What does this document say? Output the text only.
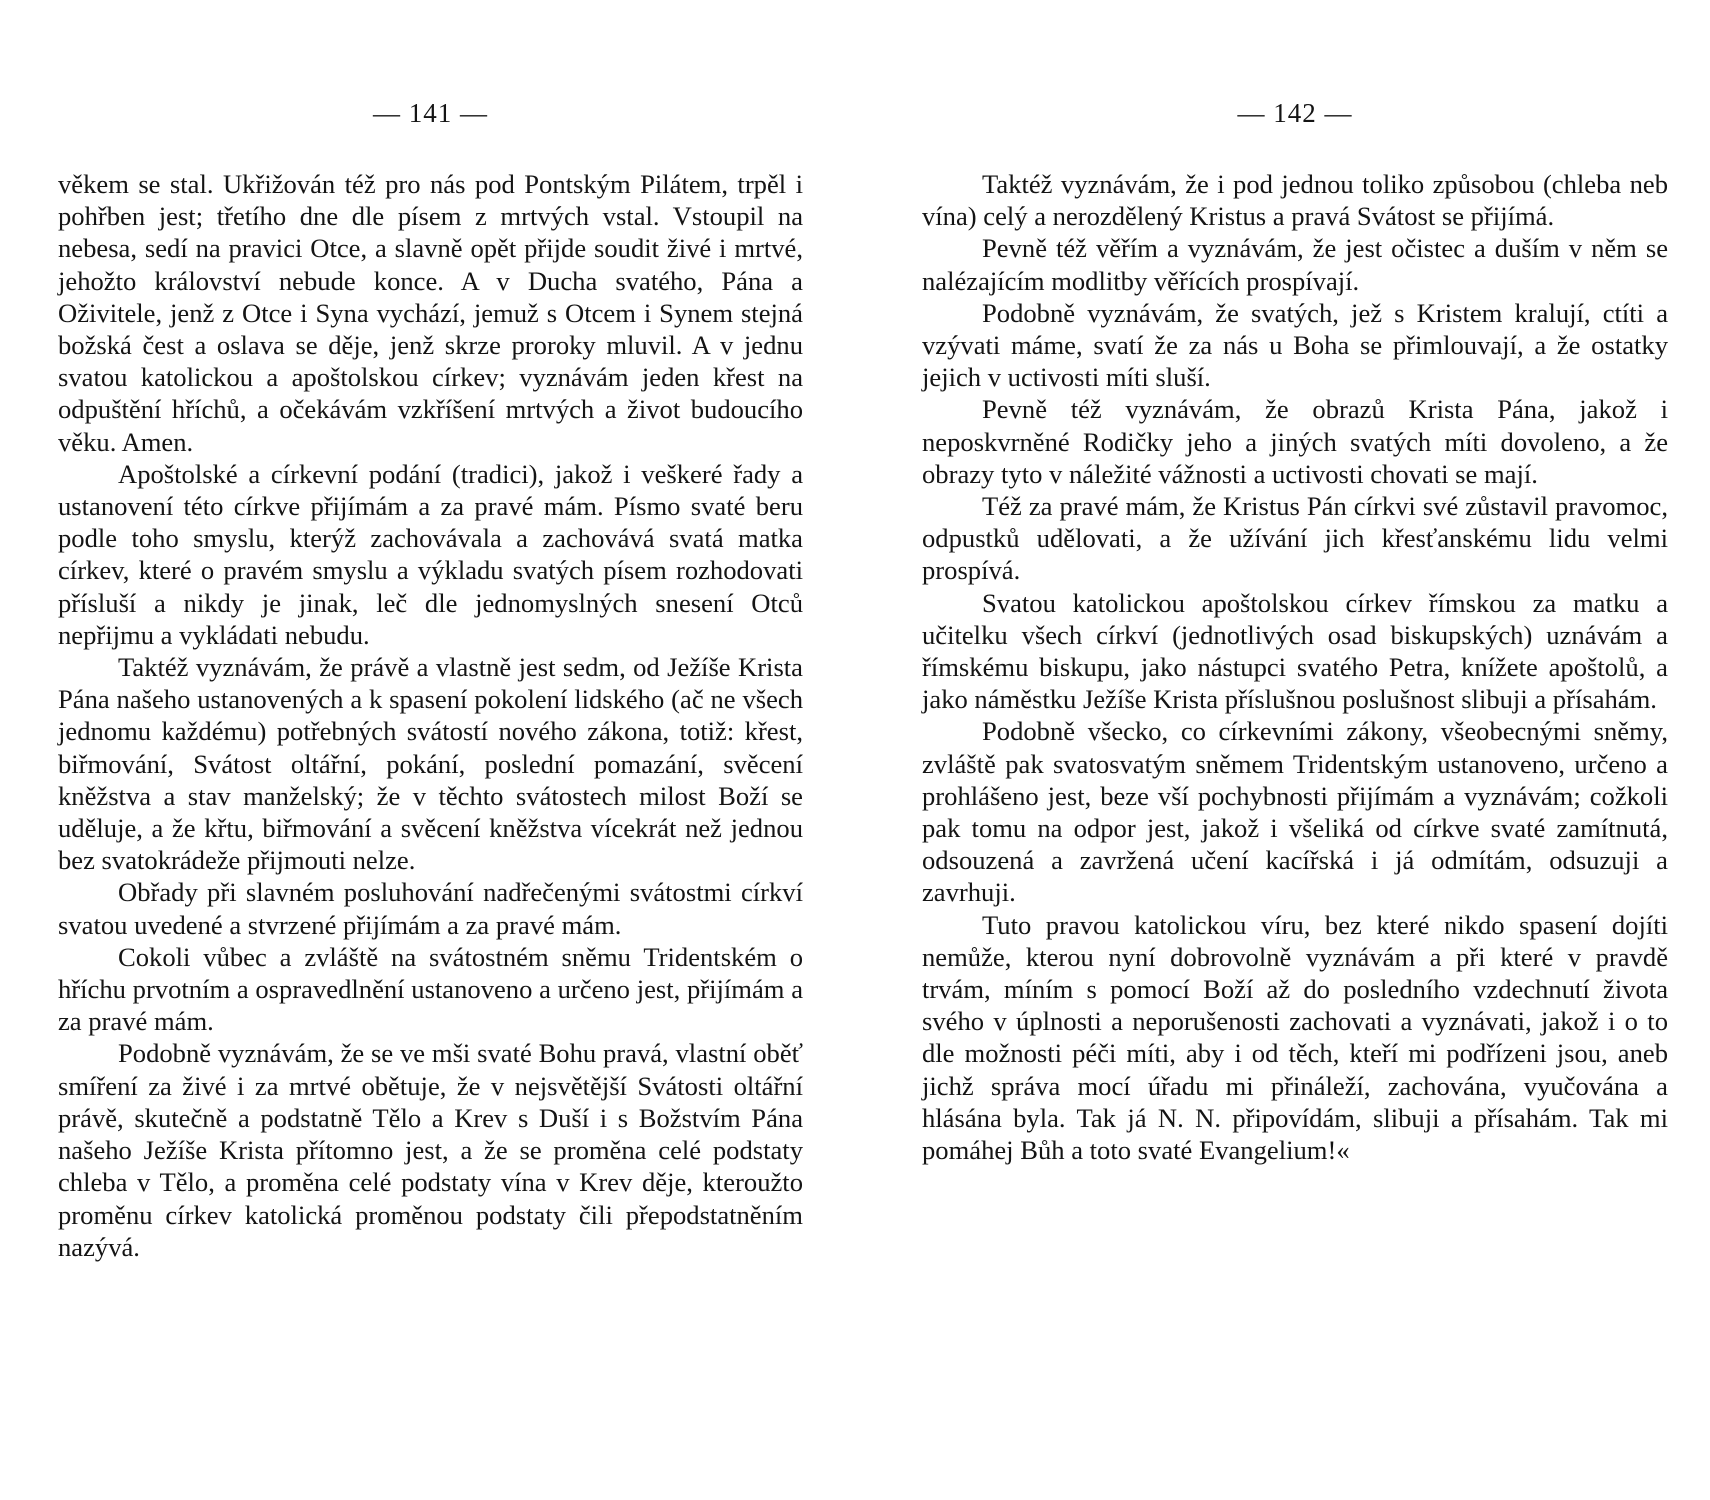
— 141 —

věkem se stal. Ukřižován též pro nás pod Pontským Pilátem, trpěl i pohřben jest; třetího dne dle písem z mrtvých vstal. Vstoupil na nebesa, sedí na pravici Otce, a slavně opět přijde soudit živé i mrtvé, jehožto království nebude konce. A v Ducha svatého, Pána a Oživitele, jenž z Otce i Syna vychází, jemuž s Otcem i Synem stejná božská čest a oslava se děje, jenž skrze proroky mluvil. A v jednu svatou katolickou a apoštolskou církev; vyznávám jeden křest na odpuštění hříchů, a očekávám vzkříšení mrtvých a život budoucího věku. Amen.

Apoštolské a církevní podání (tradici), jakož i veškeré řady a ustanovení této církve přijímám a za pravé mám. Písmo svaté beru podle toho smyslu, kterýž zachovávala a zachovává svatá matka církev, které o pravém smyslu a výkladu svatých písem rozhodovati přísluší a nikdy je jinak, leč dle jednomyslných snesení Otců nepřijmu a vykládati nebudu.

Taktéž vyznávám, že právě a vlastně jest sedm, od Ježíše Krista Pána našeho ustanovených a k spasení pokolení lidského (ač ne všech jednomu každému) potřebných svátostí nového zákona, totiž: křest, biřmování, Svátost oltářní, pokání, poslední pomazání, svěcení kněžstva a stav manželský; že v těchto svátostech milost Boží se uděluje, a že křtu, biřmování a svěcení kněžstva vícekrát než jednou bez svatokrádeže přijmouti nelze.

Obřady při slavném posluhování nadřečenými svátostmi církví svatou uvedené a stvrzené přijímám a za pravé mám.

Cokoli vůbec a zvláště na svátostném sněmu Tridentském o hříchu prvotním a ospravedlnění ustanoveno a určeno jest, přijímám a za pravé mám.

Podobně vyznávám, že se ve mši svaté Bohu pravá, vlastní oběť smíření za živé i za mrtvé obětuje, že v nejsvětější Svátosti oltářní právě, skutečně a podstatně Tělo a Krev s Duší i s Božstvím Pána našeho Ježíše Krista přítomno jest, a že se proměna celé podstaty chleba v Tělo, a proměna celé podstaty vína v Krev děje, kteroužto proměnu církev katolická proměnou podstaty čili přepodstatněním nazývá.

— 142 —

Taktéž vyznávám, že i pod jednou toliko způsobou (chleba neb vína) celý a nerozdělený Kristus a pravá Svátost se přijímá.

Pevně též věřím a vyznávám, že jest očistec a duším v něm se nalézajícím modlitby věřících prospívají.

Podobně vyznávám, že svatých, jež s Kristem kralují, ctíti a vzývati máme, svatí že za nás u Boha se přimlouvají, a že ostatky jejich v uctivosti míti sluší.

Pevně též vyznávám, že obrazů Krista Pána, jakož i neposkvrněné Rodičky jeho a jiných svatých míti dovoleno, a že obrazy tyto v náležité vážnosti a uctivosti chovati se mají.

Též za pravé mám, že Kristus Pán církvi své zůstavil pravomoc, odpustků udělovati, a že užívání jich křesťanskému lidu velmi prospívá.

Svatou katolickou apoštolskou církev římskou za matku a učitelku všech církví (jednotlivých osad biskupských) uznávám a římskému biskupu, jako nástupci svatého Petra, knížete apoštolů, a jako náměstku Ježíše Krista příslušnou poslušnost slibuji a přísahám.

Podobně všecko, co církevními zákony, všeobecnými sněmy, zvláště pak svatosvatým sněmem Tridentským ustanoveno, určeno a prohlášeno jest, beze vší pochybnosti přijímám a vyznávám; cožkoli pak tomu na odpor jest, jakož i všeliká od církve svaté zamítnutá, odsouzená a zavržená učení kacířská i já odmítám, odsuzuji a zavrhuji.

Tuto pravou katolickou víru, bez které nikdo spasení dojíti nemůže, kterou nyní dobrovolně vyznávám a při které v pravdě trvám, míním s pomocí Boží až do posledního vzdechnutí života svého v úplnosti a neporušenosti zachovati a vyznávati, jakož i o to dle možnosti péči míti, aby i od těch, kteří mi podřízeni jsou, aneb jichž správa mocí úřadu mi přináleží, zachována, vyučována a hlásána byla. Tak já N. N. připovídám, slibuji a přísahám. Tak mi pomáhej Bůh a toto svaté Evangelium!«
